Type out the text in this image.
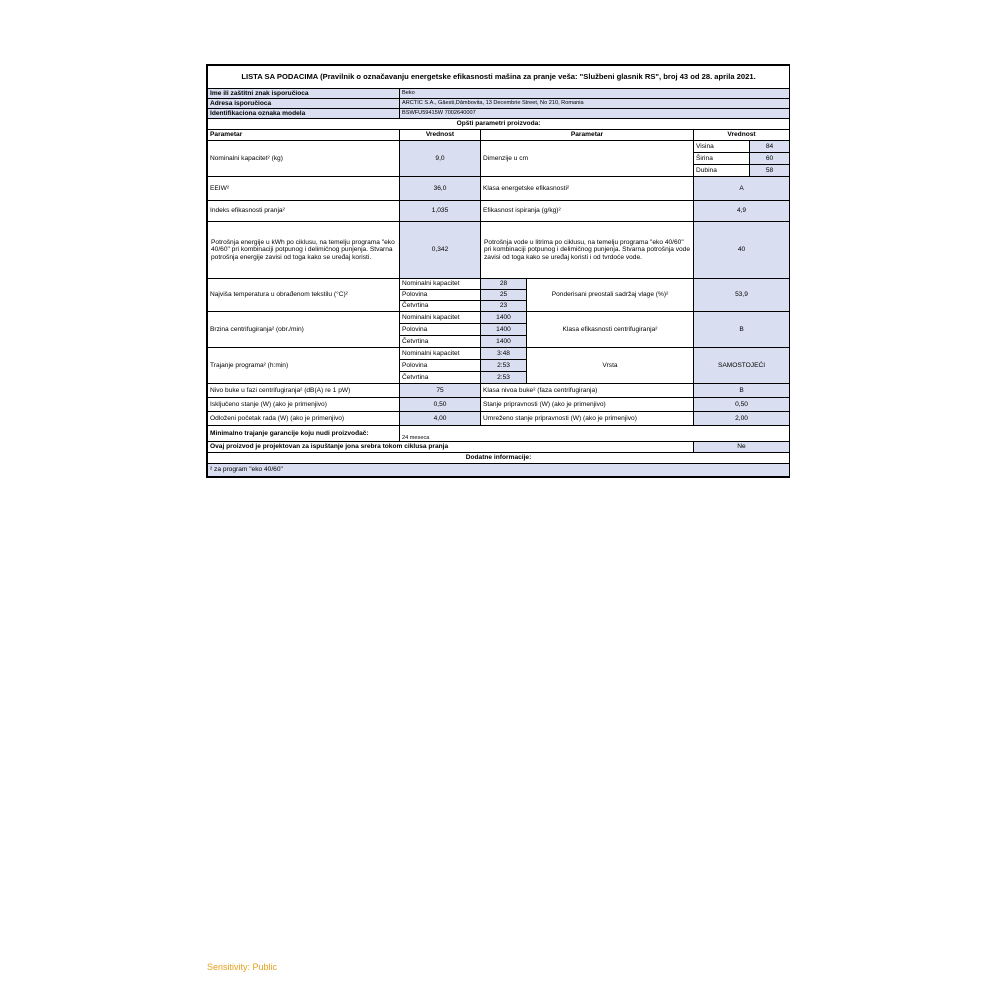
LISTA SA PODACIMA (Pravilnik o označavanju energetske efikasnosti mašina za pranje veša: "Službeni glasnik RS", broj 43 od 28. aprila 2021.					
Ime ili zaštitni znak isporučioca	Beko				
Adresa isporučioca	ARCTIC S.A., Găesti,Dâmbovita, 13 Decembrie Street, No 210, Romania				
Identifikaciona oznaka modela	BSWFU59415W 7002640007				
Opšti parametri proizvoda:					
Parametar	Vrednost	Parametar		Vrednost	
Nominalni kapacitet² (kg)	9,0	Dimenzije u cm		Visina	84
				Širina	60
				Dubina	58
EEIW²	36,0	Klasa energetske efikasnosti²		A	
Indeks efikasnosti pranja²	1,035	Efikasnost ispiranja (g/kg)²		4,9	
Potrošnja energije u kWh po ciklusu, na temelju programa "eko 40/60" pri kombinaciji potpunog i delimičnog punjenja. Stvarna potrošnja energije zavisi od toga kako se uređaj koristi.	0,342	Potrošnja vode u litrima po ciklusu, na temelju programa "eko 40/60" pri kombinaciji potpunog i delimičnog punjenja. Stvarna potrošnja vode zavisi od toga kako se uređaj koristi i od tvrdoće vode.		40	
Najviša temperatura u obrađenom tekstilu (°C)²	Nominalni kapacitet	28	Ponderisani preostali sadržaj vlage (%)²	53,9	
	Polovina	25			
	Četvrtina	23			
Brzina centrifugiranja² (obr./min)	Nominalni kapacitet	1400	Klasa efikasnosti centrifugiranja²	B	
	Polovina	1400			
	Četvrtina	1400			
Trajanje programa² (h:min)	Nominalni kapacitet	3:48	Vrsta	SAMOSTOJEĆI	
	Polovina	2:53			
	Četvrtina	2:53			
Nivo buke u fazi centrifugiranja² (dB(A) re 1 pW)	75	Klasa nivoa buke² (faza centrifugiranja)		B	
Isključeno stanje (W) (ako je primenjivo)	0,50	Stanje pripravnosti (W) (ako je primenjivo)		0,50	
Odloženi početak rada (W) (ako je primenjivo)	4,00	Umreženo stanje pripravnosti (W) (ako je primenjivo)		2,00	
Minimalno trajanje garancije koju nudi proizvođač:	24 meseca				
Ovaj proizvod je projektovan za ispuštanje jona srebra tokom ciklusa pranja				Ne	
Dodatne informacije:					
² za program "eko 40/60"					
Sensitivity: Public
